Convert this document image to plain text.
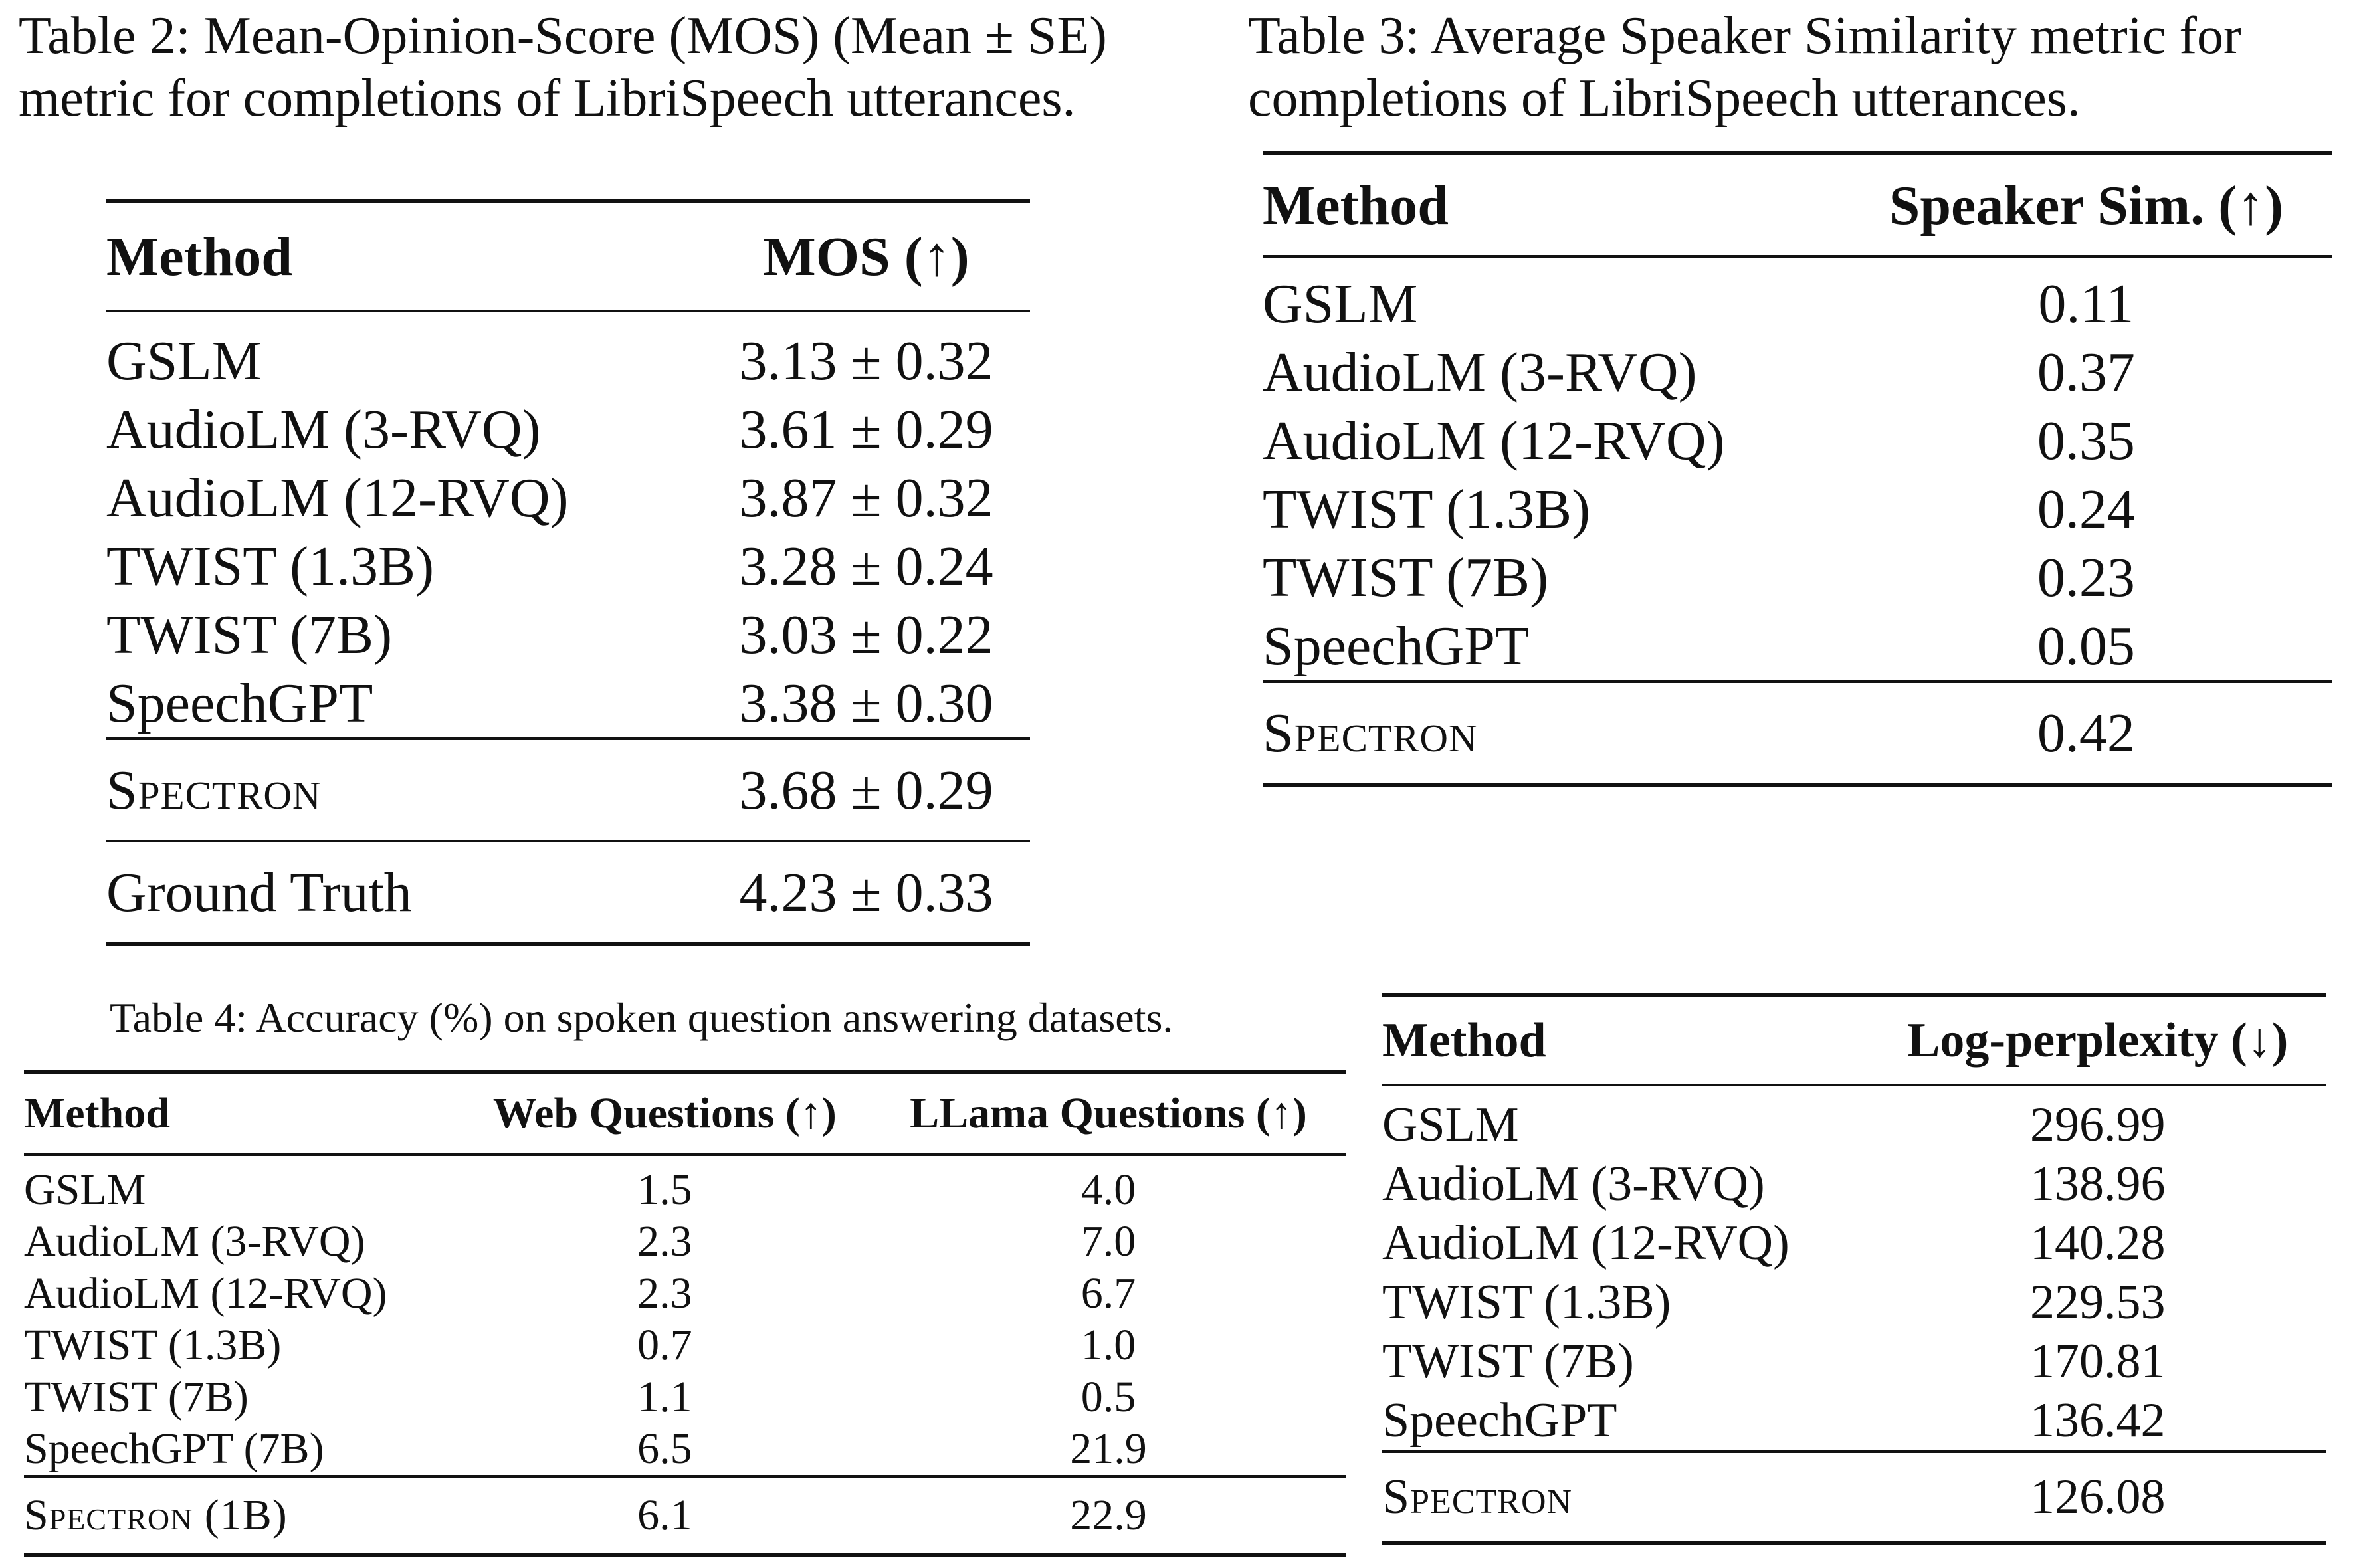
Table 2: Mean-Opinion-Score (MOS) (Mean ± SE) metric for completions of LibriSpeech utterances.
Method	MOS (↑)
GSLM	3.13 ± 0.32
AudioLM (3-RVQ)	3.61 ± 0.29
AudioLM (12-RVQ)	3.87 ± 0.32
TWIST (1.3B)	3.28 ± 0.24
TWIST (7B)	3.03 ± 0.22
SpeechGPT	3.38 ± 0.30
Spectron	3.68 ± 0.29
Ground Truth	4.23 ± 0.33
Table 3: Average Speaker Similarity metric for completions of LibriSpeech utterances.
Method	Speaker Sim. (↑)
GSLM	0.11
AudioLM (3-RVQ)	0.37
AudioLM (12-RVQ)	0.35
TWIST (1.3B)	0.24
TWIST (7B)	0.23
SpeechGPT	0.05
Spectron	0.42
Table 4: Accuracy (%) on spoken question answering datasets.
Method	Web Questions (↑)	LLama Questions (↑)
GSLM	1.5	4.0
AudioLM (3-RVQ)	2.3	7.0
AudioLM (12-RVQ)	2.3	6.7
TWIST (1.3B)	0.7	1.0
TWIST (7B)	1.1	0.5
SpeechGPT (7B)	6.5	21.9
Spectron (1B)	6.1	22.9
Method	Log-perplexity (↓)
GSLM	296.99
AudioLM (3-RVQ)	138.96
AudioLM (12-RVQ)	140.28
TWIST (1.3B)	229.53
TWIST (7B)	170.81
SpeechGPT	136.42
Spectron	126.08
